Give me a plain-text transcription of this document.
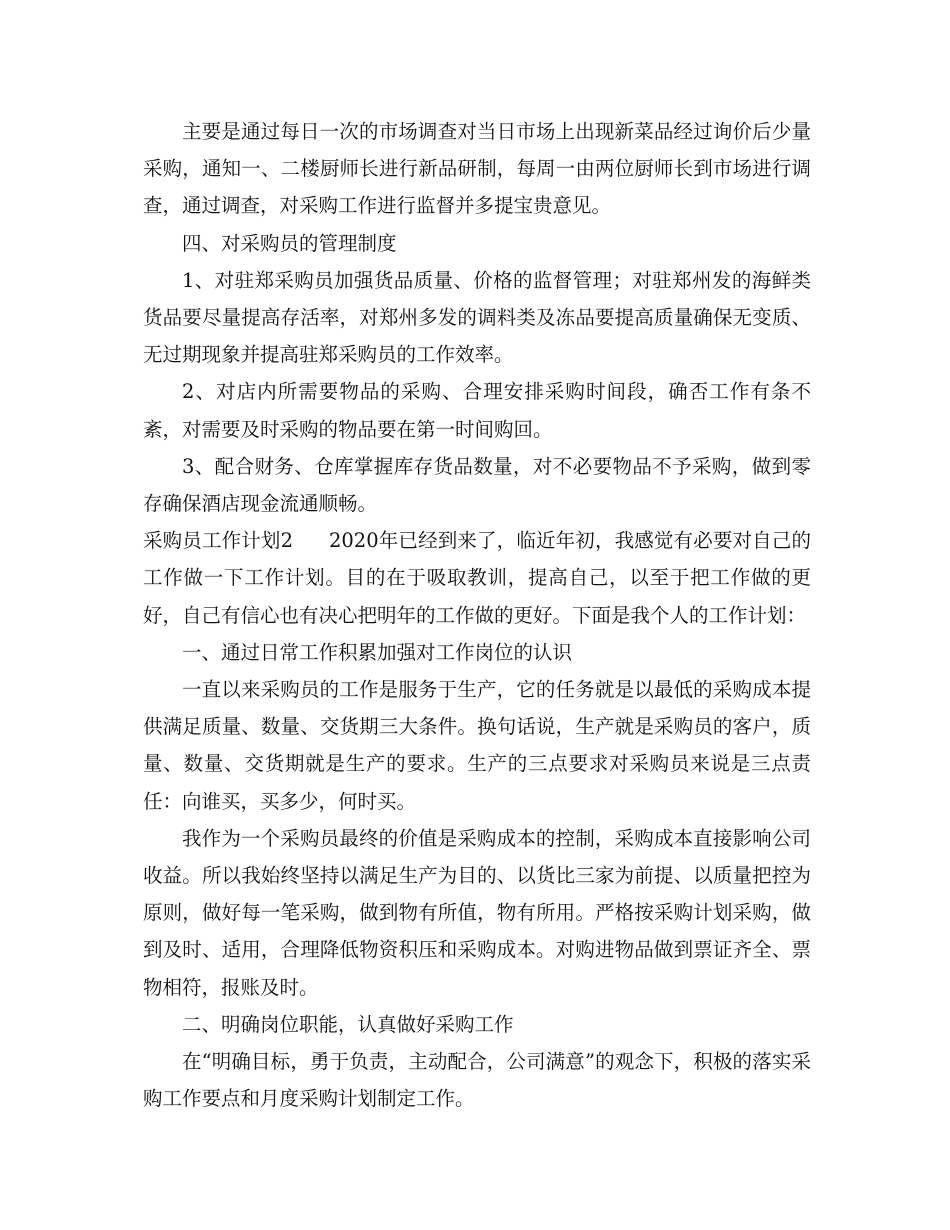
主要是通过每日一次的市场调查对当日市场上出现新菜品经过询价后少量采购，通知一、二楼厨师长进行新品研制，每周一由两位厨师长到市场进行调查，通过调查，对采购工作进行监督并多提宝贵意见。

四、对采购员的管理制度

1、对驻郑采购员加强货品质量、价格的监督管理；对驻郑州发的海鲜类货品要尽量提高存活率，对郑州多发的调料类及冻品要提高质量确保无变质、无过期现象并提高驻郑采购员的工作效率。

2、对店内所需要物品的采购、合理安排采购时间段，确否工作有条不紊，对需要及时采购的物品要在第一时间购回。

3、配合财务、仓库掌握库存货品数量，对不必要物品不予采购，做到零存确保酒店现金流通顺畅。

采购员工作计划2 2020年已经到来了，临近年初，我感觉有必要对自己的工作做一下工作计划。目的在于吸取教训，提高自己，以至于把工作做的更好，自己有信心也有决心把明年的工作做的更好。下面是我个人的工作计划：

一、通过日常工作积累加强对工作岗位的认识

一直以来采购员的工作是服务于生产，它的任务就是以最低的采购成本提供满足质量、数量、交货期三大条件。换句话说，生产就是采购员的客户，质量、数量、交货期就是生产的要求。生产的三点要求对采购员来说是三点责任：向谁买，买多少，何时买。

我作为一个采购员最终的价值是采购成本的控制，采购成本直接影响公司收益。所以我始终坚持以满足生产为目的、以货比三家为前提、以质量把控为原则，做好每一笔采购，做到物有所值，物有所用。严格按采购计划采购，做到及时、适用，合理降低物资积压和采购成本。对购进物品做到票证齐全、票物相符，报账及时。

二、明确岗位职能，认真做好采购工作

在“明确目标，勇于负责，主动配合，公司满意”的观念下，积极的落实采购工作要点和月度采购计划制定工作。
